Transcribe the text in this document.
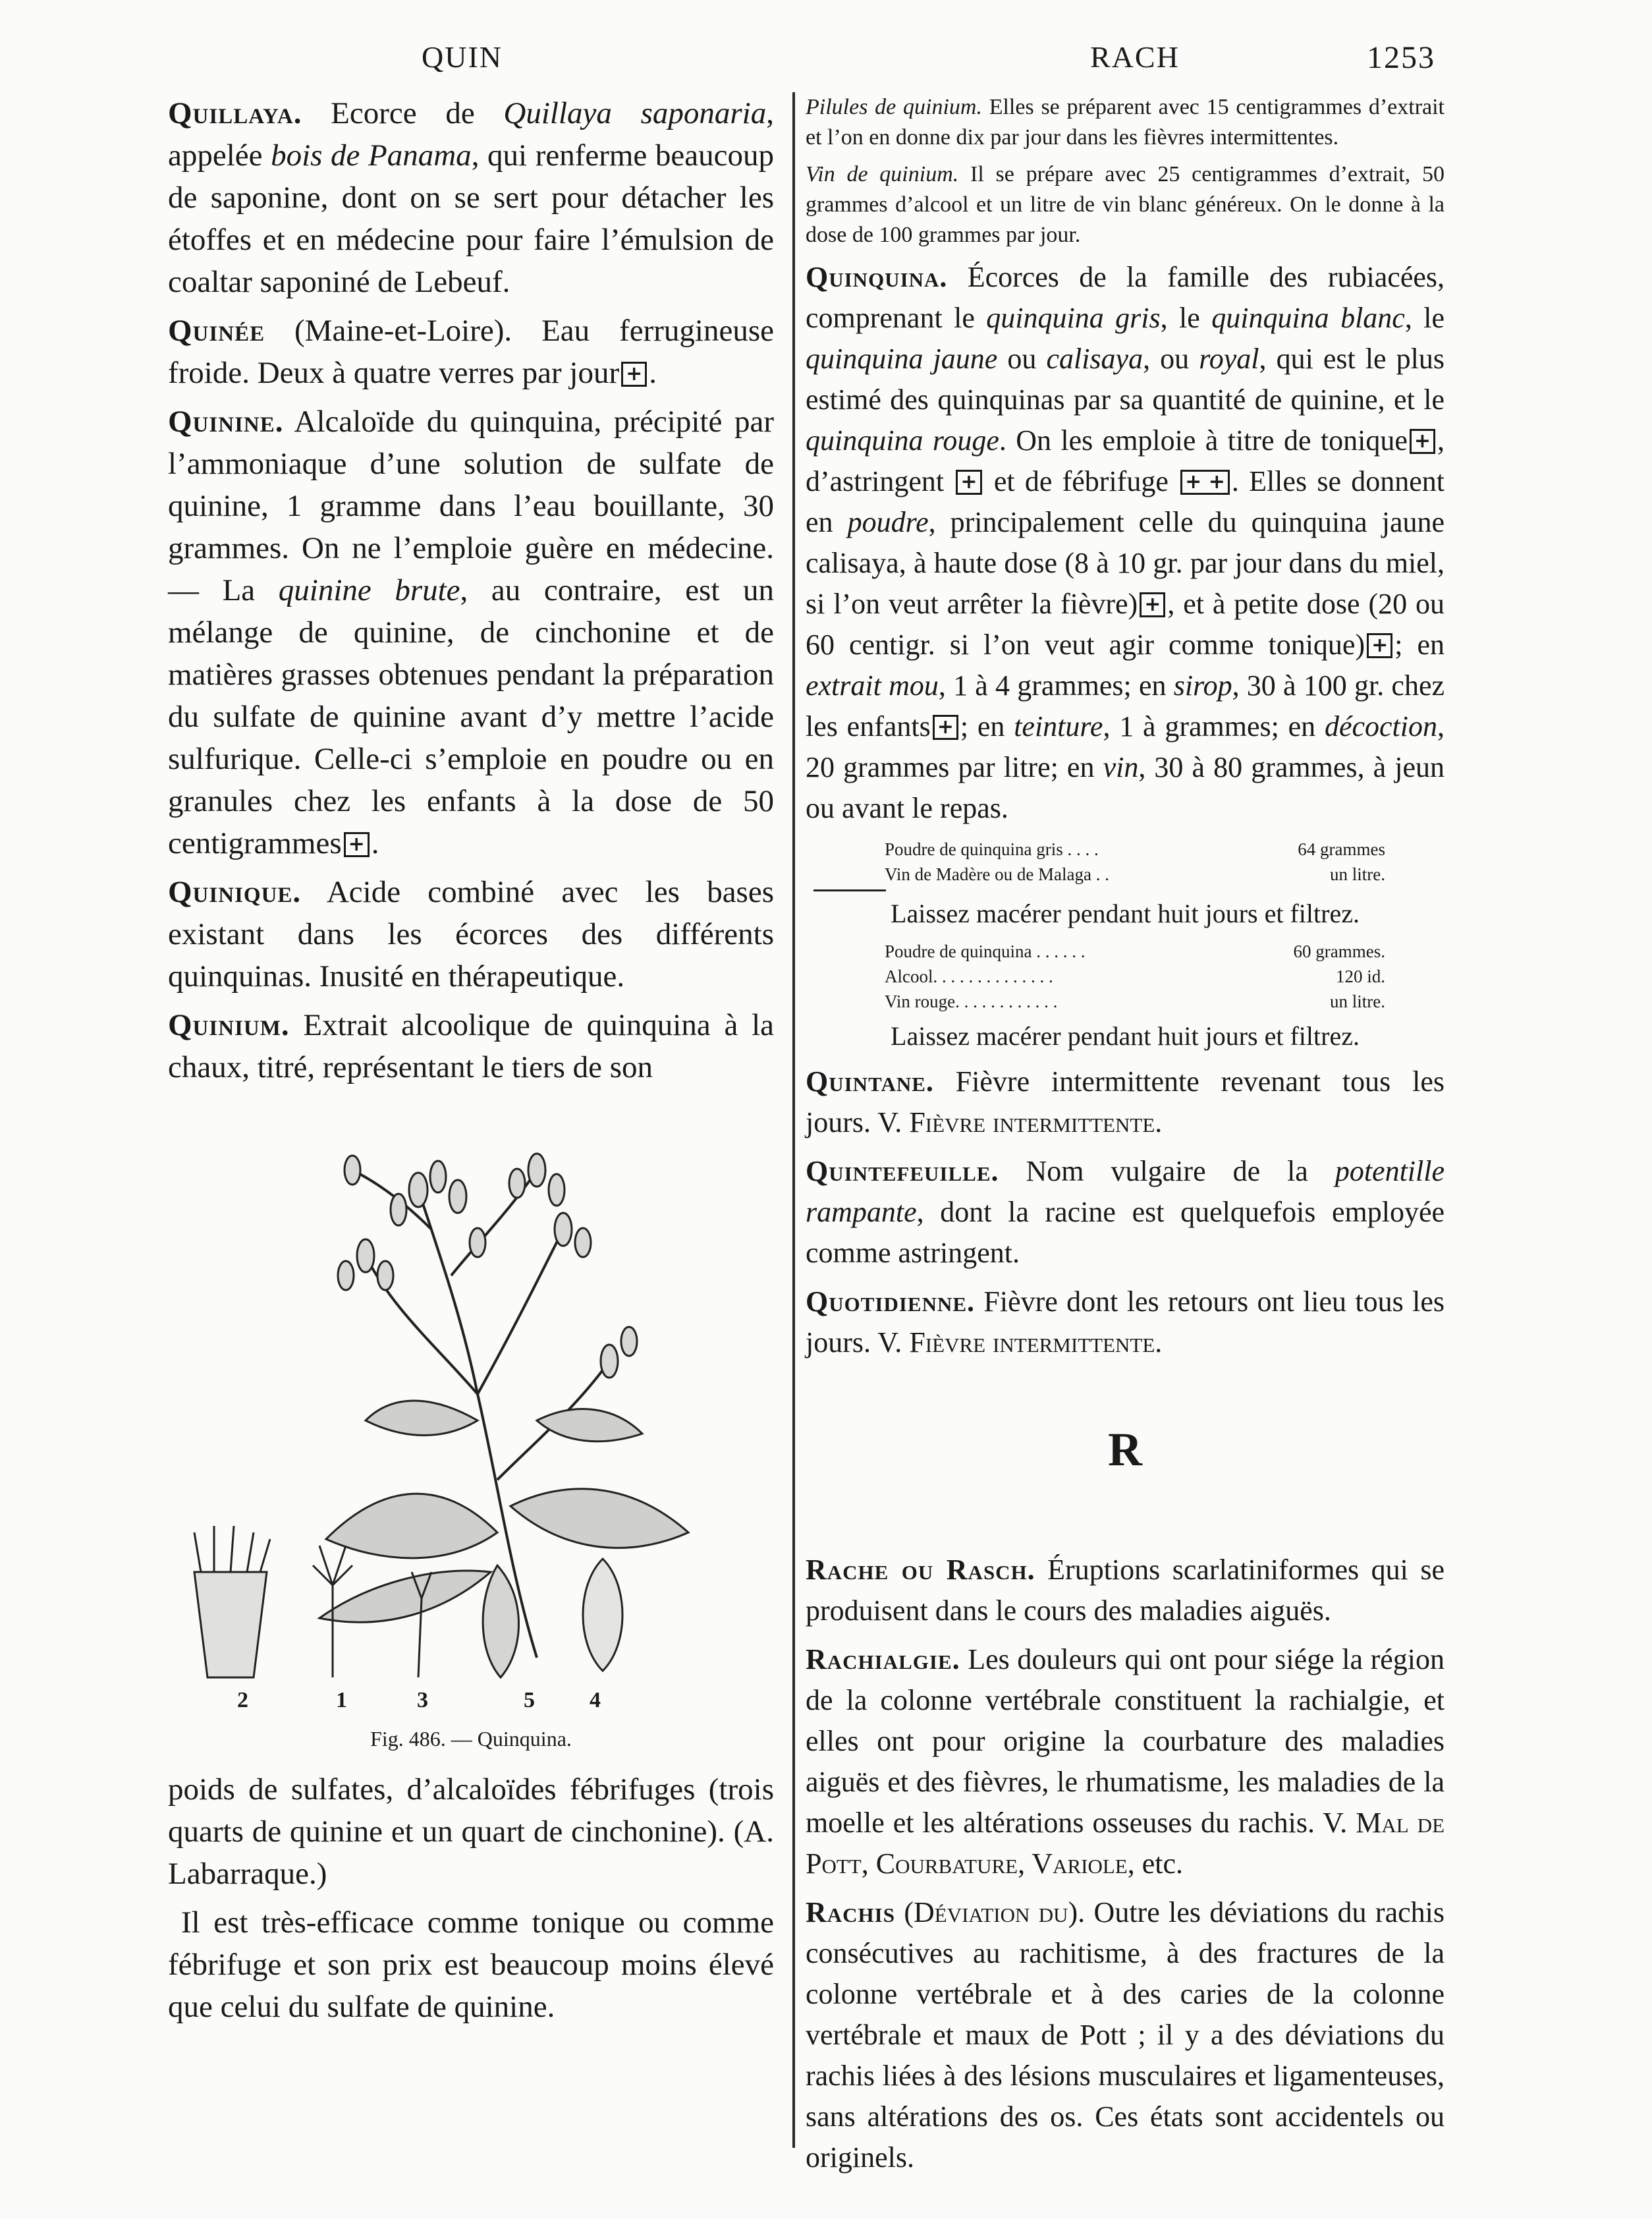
QUIN	RACH	1253

Quillaya. Ecorce de Quillaya saponaria, appelée bois de Panama, qui renferme beaucoup de saponine, dont on se sert pour détacher les étoffes et en médecine pour faire l’émulsion de coaltar saponiné de Lebeuf.

Quinée (Maine-et-Loire). Eau ferrugineuse froide. Deux à quatre verres par jour + .

Quinine. Alcaloïde du quinquina, précipité par l’ammoniaque d’une solution de sulfate de quinine, 1 gramme dans l’eau bouillante, 30 grammes. On ne l’emploie guère en médecine. — La quinine brute, au contraire, est un mélange de quinine, de cinchonine et de matières grasses obtenues pendant la préparation du sulfate de quinine avant d’y mettre l’acide sulfurique. Celle-ci s’emploie en poudre ou en granules chez les enfants à la dose de 50 centigrammes + .

Quinique. Acide combiné avec les bases existant dans les écorces des différents quinquinas. Inusité en thérapeutique.

Quinium. Extrait alcoolique de quinquina à la chaux, titré, représentant le tiers de son

2	1	3	5 4
Fig. 486. — Quinquina.

poids de sulfates, d’alcaloïdes fébrifuges (trois quarts de quinine et un quart de cinchonine). (A. Labarraque.)

Il est très-efficace comme tonique ou comme fébrifuge et son prix est beaucoup moins élevé que celui du sulfate de quinine.

Pilules de quinium. Elles se préparent avec 15 centigrammes d’extrait et l’on en donne dix par jour dans les fièvres intermittentes.

Vin de quinium. Il se prépare avec 25 centigrammes d’extrait, 50 grammes d’alcool et un litre de vin blanc généreux. On le donne à la dose de 100 grammes par jour.

Quinquina. Écorces de la famille des rubiacées, comprenant le quinquina gris, le quinquina blanc, le quinquina jaune ou calisaya, ou royal, qui est le plus estimé des quinquinas par sa quantité de quinine, et le quinquina rouge. On les emploie à titre de tonique + , d’astringent + et de fébrifuge + + . Elles se donnent en poudre, principalement celle du quinquina jaune calisaya, à haute dose (8 à 10 gr. par jour dans du miel, si l’on veut arrêter la fièvre) + , et à petite dose (20 ou 60 centigr. si l’on veut agir comme tonique) + ; en extrait mou, 1 à 4 grammes; en sirop, 30 à 100 gr. chez les enfants + ; en teinture, 1 à grammes; en décoction, 20 grammes par litre; en vin, 30 à 80 grammes, à jeun ou avant le repas.

Poudre de quinquina gris . . . .	64 grammes
Vin de Madère ou de Malaga . .	un litre.
Laissez macérer pendant huit jours et filtrez.
Poudre de quinquina . . . . . .	60 grammes.
Alcool. . . . . . . . . . . . . .	120 id.
Vin rouge. . . . . . . . . . . .	un litre.
Laissez macérer pendant huit jours et filtrez.

Quintane. Fièvre intermittente revenant tous les jours. V. Fièvre intermittente.

Quintefeuille. Nom vulgaire de la potentille rampante, dont la racine est quelquefois employée comme astringent.

Quotidienne. Fièvre dont les retours ont lieu tous les jours. V. Fièvre intermittente.

R

Rache ou Rasch. Éruptions scarlatiniformes qui se produisent dans le cours des maladies aiguës.

Rachialgie. Les douleurs qui ont pour siége la région de la colonne vertébrale constituent la rachialgie, et elles ont pour origine la courbature des maladies aiguës et des fièvres, le rhumatisme, les maladies de la moelle et les altérations osseuses du rachis. V. Mal de Pott, Courbature, Variole, etc.

Rachis (Déviation du). Outre les déviations du rachis consécutives au rachitisme, à des fractures de la colonne vertébrale et à des caries de la colonne vertébrale et maux de Pott ; il y a des déviations du rachis liées à des lésions musculaires et ligamenteuses, sans altérations des os. Ces états sont accidentels ou originels.
